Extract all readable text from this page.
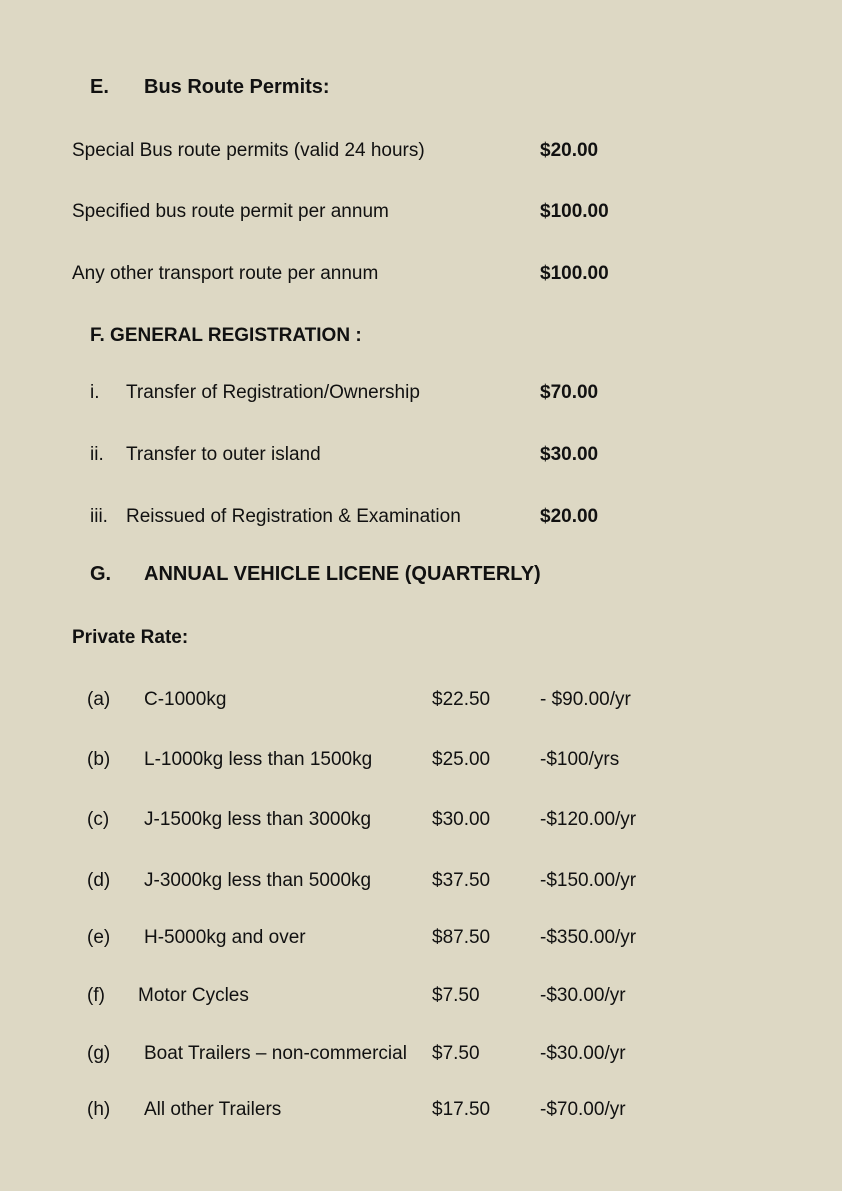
E. Bus Route Permits:
Special Bus route permits (valid 24 hours)	$20.00
Specified bus route permit per annum	$100.00
Any other transport route per annum	$100.00
F. GENERAL REGISTRATION :
i. Transfer of Registration/Ownership	$70.00
ii. Transfer to outer island	$30.00
iii. Reissued of Registration & Examination	$20.00
G. ANNUAL VEHICLE LICENE (QUARTERLY)
Private Rate:
(a) C-1000kg	$22.50	- $90.00/yr
(b) L-1000kg less than 1500kg	$25.00	-$100/yrs
(c) J-1500kg less than 3000kg	$30.00	-$120.00/yr
(d) J-3000kg less than 5000kg	$37.50	-$150.00/yr
(e) H-5000kg and over	$87.50	-$350.00/yr
(f) Motor Cycles	$7.50	-$30.00/yr
(g) Boat Trailers – non-commercial $7.50	-$30.00/yr
(h) All other Trailers	$17.50	-$70.00/yr
